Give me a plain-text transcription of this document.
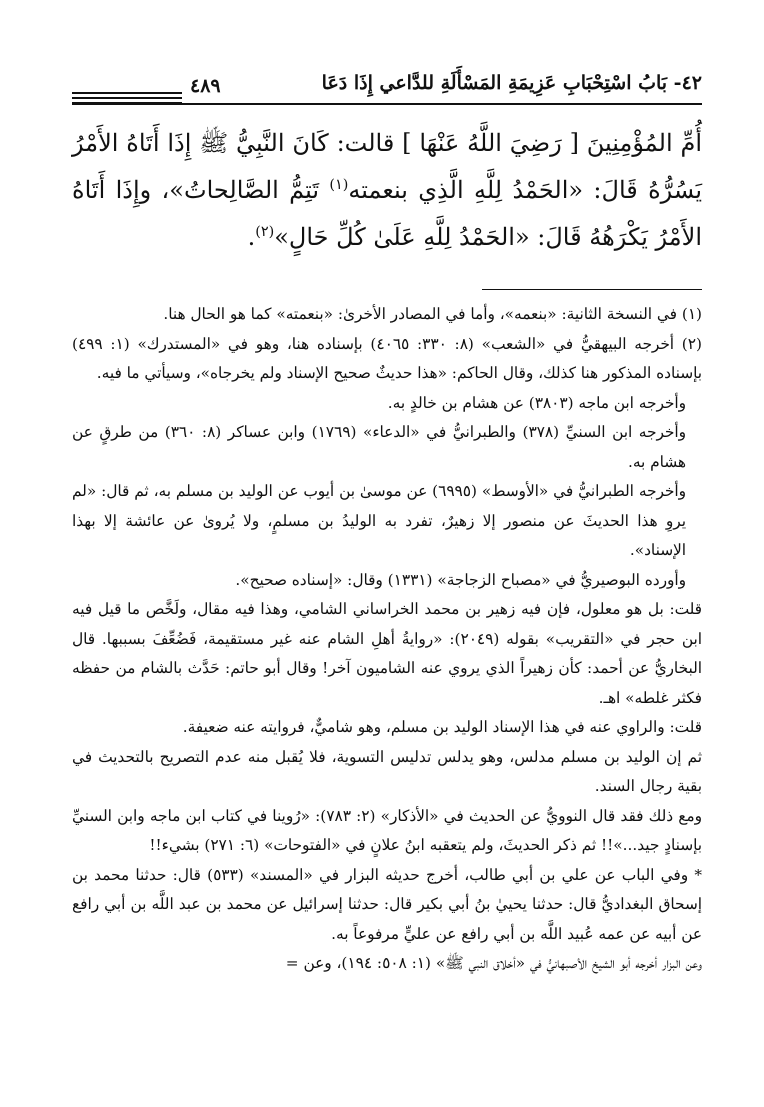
٤٢- بَابُ اسْتِحْبَابِ عَزِيمَةِ المَسْأَلَةِ للدَّاعي إِذَا دَعَا
٤٨٩

أُمِّ المُؤْمِنِينَ [ رَضِيَ اللَّهُ عَنْهَا ] قالت: كَانَ النَّبِيُّ ﷺ إِذَا أَتَاهُ الأَمْرُ يَسُرُّهُ قَالَ: «الحَمْدُ لِلَّهِ الَّذِي بنعمته$^{(١)}$ تَتِمُّ الصَّالِحاتُ»، وإِذَا أَتَاهُ الأَمْرُ يَكْرَهُهُ قَالَ: «الحَمْدُ لِلَّهِ عَلَىٰ كُلِّ حَالٍ»$^{(٢)}$.

(١) في النسخة الثانية: «بنعمه»، وأما في المصادر الأخرىٰ: «بنعمته» كما هو الحال هنا.

(٢) أخرجه البيهقيُّ في «الشعب» (٨: ٣٣٠: ٤٠٦٥) بإسناده هنا، وهو في «المستدرك» (١: ٤٩٩) بإسناده المذكور هنا كذلك، وقال الحاكم: «هذا حديثٌ صحيح الإسناد ولم يخرجاه»، وسيأتي ما فيه.

وأخرجه ابن ماجه (٣٨٠٣) عن هشام بن خالدٍ به.

وأخرجه ابن السنيِّ (٣٧٨) والطبرانيُّ في «الدعاء» (١٧٦٩) وابن عساكر (٨: ٣٦٠) من طرقٍ عن هشام به.

وأخرجه الطبرانيُّ في «الأوسط» (٦٩٩٥) عن موسىٰ بن أيوب عن الوليد بن مسلم به، ثم قال: «لم يروِ هذا الحديثَ عن منصور إلا زهيرٌ، تفرد به الوليدُ بن مسلمٍ، ولا يُروىٰ عن عائشة إلا بهذا الإسناد».

وأورده البوصيريُّ في «مصباح الزجاجة» (١٣٣١) وقال: «إسناده صحيح».

قلت: بل هو معلول، فإن فيه زهير بن محمد الخراساني الشامي، وهذا فيه مقال، ولَخَّص ما قيل فيه ابن حجر في «التقريب» بقوله (٢٠٤٩): «روايةُ أهلِ الشام عنه غير مستقيمة، فَضُعِّفَ بسببها. قال البخاريُّ عن أحمد: كأن زهيراً الذي يروي عنه الشاميون آخر! وقال أبو حاتم: حَدَّث بالشام من حفظه فكثر غلطه» اهـ.

قلت: والراوي عنه في هذا الإسناد الوليد بن مسلم، وهو شاميٌّ، فروايته عنه ضعيفة.

ثم إن الوليد بن مسلم مدلس، وهو يدلس تدليس التسوية، فلا يُقبل منه عدم التصريح بالتحديث في بقية رجال السند.

ومع ذلك فقد قال النوويُّ عن الحديث في «الأذكار» (٢: ٧٨٣): «رُوينا في كتاب ابن ماجه وابن السنيِّ بإسنادٍ جيد...»!! ثم ذكر الحديثَ، ولم يتعقبه ابنُ علانٍ في «الفتوحات» (٦: ٢٧١) بشيء!!

* وفي الباب عن علي بن أبي طالب، أخرج حديثه البزار في «المسند» (٥٣٣) قال: حدثنا محمد بن إسحاق البغداديُّ قال: حدثنا يحييٰ بنُ أبي بكير قال: حدثنا إسرائيل عن محمد بن عبد اللَّه بن أبي رافع عن أبيه عن عمه عُبيد اللَّه بن أبي رافع عن عليٍّ مرفوعاً به.

وعن البزار أخرجه أبو الشيخ الأصبهانيُّ في «أخلاق النبي ﷺ» (١: ٥٠٨: ١٩٤)، وعن =
